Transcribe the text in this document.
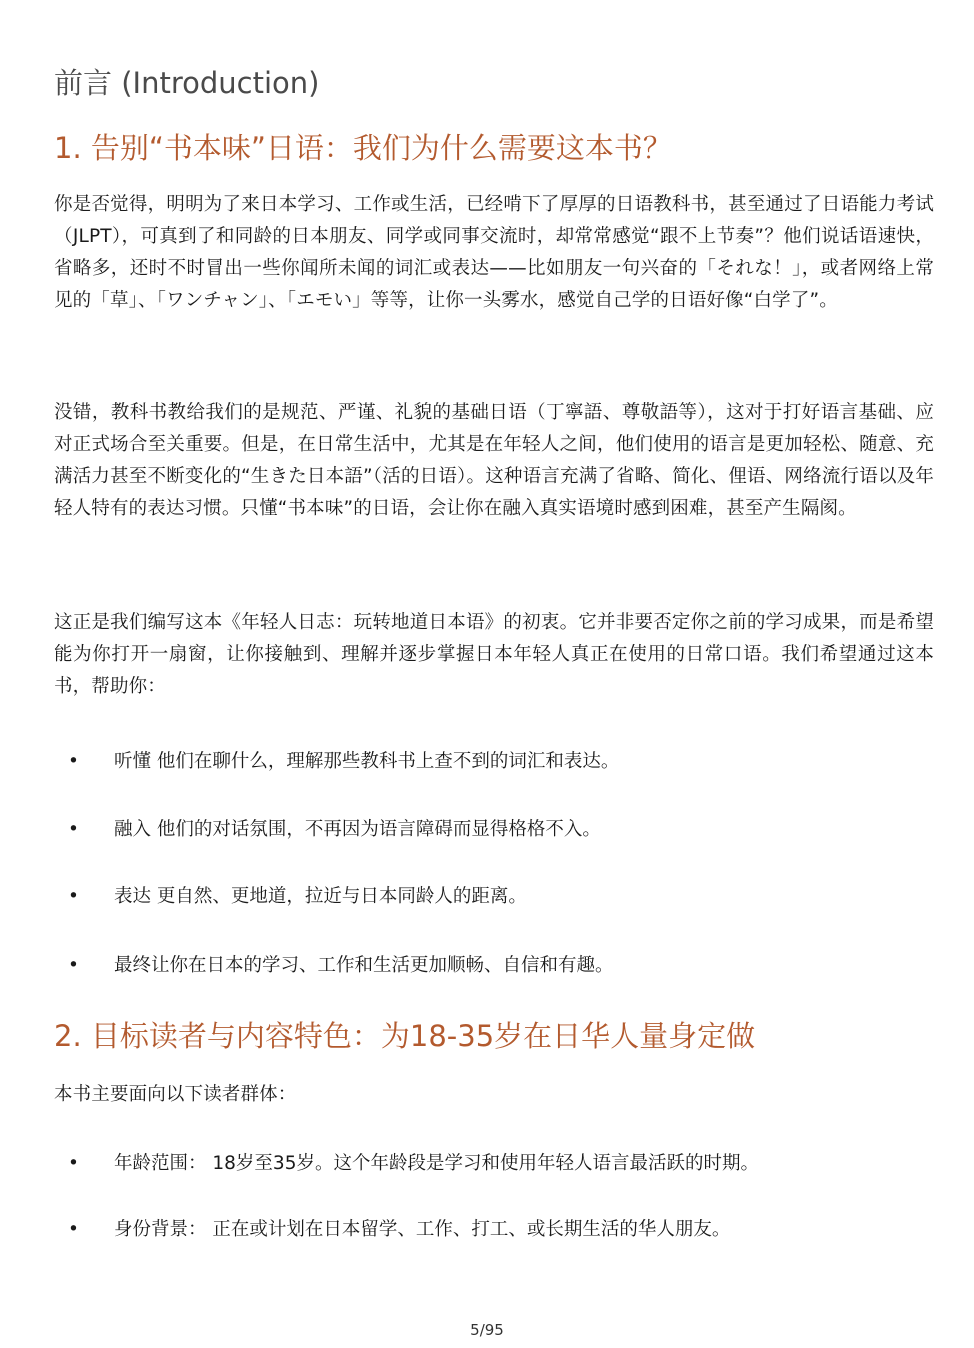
前言 (Introduction)
1. 告别“书本味”日语：我们为什么需要这本书？

你是否觉得，明明为了来日本学习、工作或生活，已经啃下了厚厚的日语教科书，甚至通过了日语能力考试（JLPT），可真到了和同龄的日本朋友、同学或同事交流时，却常常感觉“跟不上节奏”？他们说话语速快，省略多，还时不时冒出一些你闻所未闻的词汇或表达——比如朋友一句兴奋的「それな！」，或者网络上常见的「草」、「ワンチャン」、「エモい」等等，让你一头雾水，感觉自己学的日语好像“白学了”。

没错，教科书教给我们的是规范、严谨、礼貌的基础日语（丁寧語、尊敬語等），这对于打好语言基础、应对正式场合至关重要。但是，在日常生活中，尤其是在年轻人之间，他们使用的语言是更加轻松、随意、充满活力甚至不断变化的“生きた日本語”（活的日语）。这种语言充满了省略、简化、俚语、网络流行语以及年轻人特有的表达习惯。只懂“书本味”的日语，会让你在融入真实语境时感到困难，甚至产生隔阂。

这正是我们编写这本《年轻人日志：玩转地道日本语》的初衷。它并非要否定你之前的学习成果，而是希望能为你打开一扇窗，让你接触到、理解并逐步掌握日本年轻人真正在使用的日常口语。我们希望通过这本书，帮助你：

• 听懂 他们在聊什么，理解那些教科书上查不到的词汇和表达。
• 融入 他们的对话氛围，不再因为语言障碍而显得格格不入。
• 表达 更自然、更地道，拉近与日本同龄人的距离。
• 最终让你在日本的学习、工作和生活更加顺畅、自信和有趣。
2. 目标读者与内容特色：为18-35岁在日华人量身定做

本书主要面向以下读者群体：

• 年龄范围： 18岁至35岁。这个年龄段是学习和使用年轻人语言最活跃的时期。
• 身份背景： 正在或计划在日本留学、工作、打工、或长期生活的华人朋友。
5/95
